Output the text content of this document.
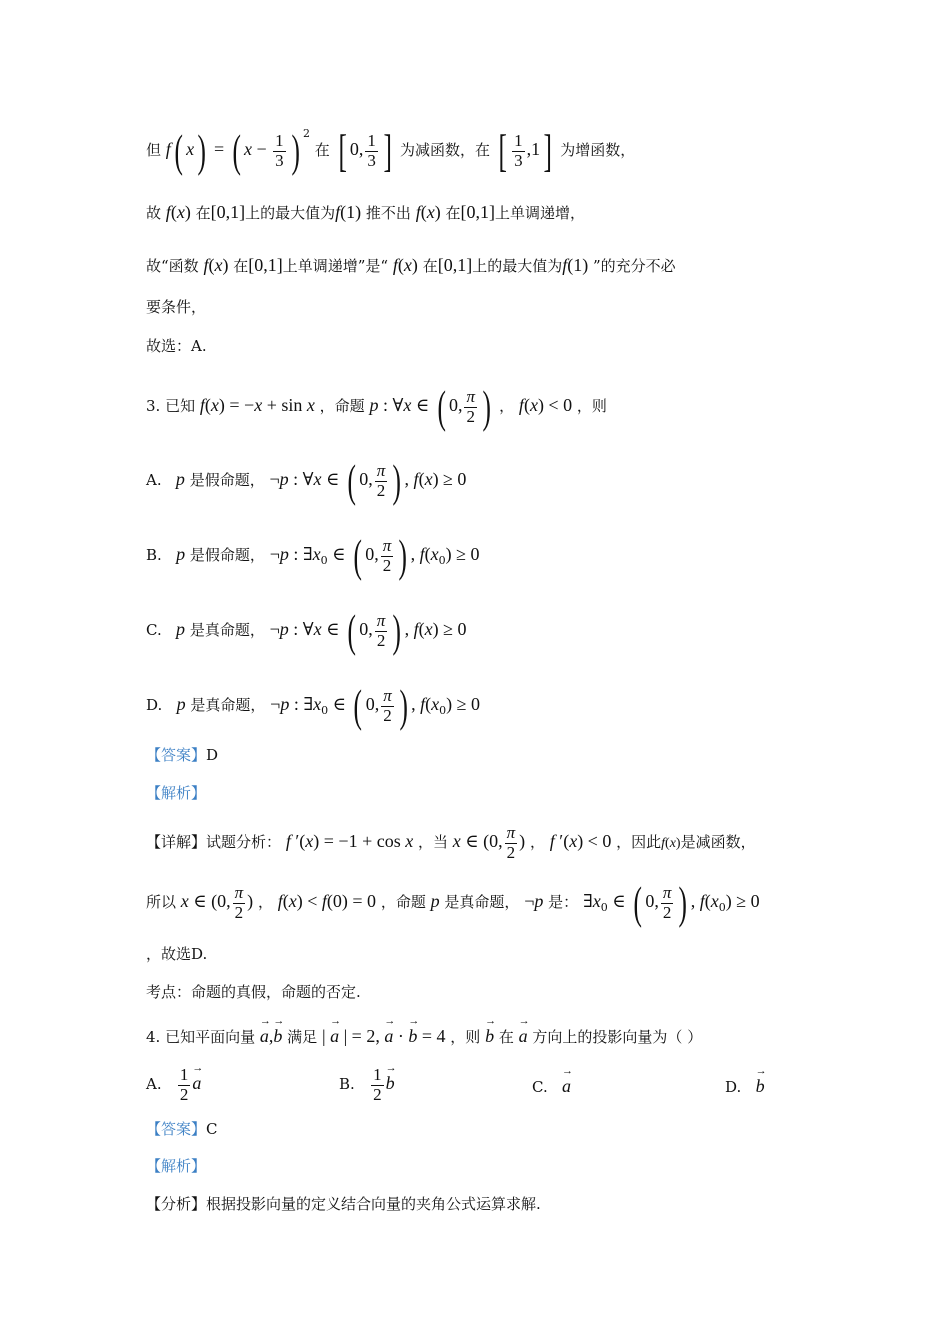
但 f( x) = ( $x - \frac{1}{3}$ ) $^2$ 在 [ 0, $\frac{1}{3}$ ] 为减函数，在 [ $\frac{1}{3} ,1$] 为增函数，
故 f(x) 在[0,1]上的最大值为f(1) 推不出 f(x) 在[0,1]上单调递增，
故“函数 f(x) 在[0,1]上单调递增”是“ f(x) 在[0,1]上的最大值为f(1) ”的充分不必
要条件，
故选：A.
3. 已知 f(x) = −x + sin x ，命题 p : ∀x ∈ ( 0, $\frac{\pi}{2}$ ) ， f(x) < 0 ，则
A. p 是假命题， ¬p : ∀x ∈ ( 0, $\frac{\pi}{2}$ ) , f(x) ≥ 0
B. p 是假命题， ¬p : $\exists x_0$ ∈ ( 0, $\frac{\pi}{2}$ ) , $f(x_0) \ge 0$
C. p 是真命题， ¬p : ∀x ∈ ( 0, $\frac{\pi}{2}$ ) , f(x) ≥ 0
D. p 是真命题， ¬p : $\exists x_0$ ∈ ( 0, $\frac{\pi}{2}$ ) , $f(x_0) \ge 0$
【答案】D
【解析】
【详解】试题分析： f ′(x) = −1 + cos x ，当 x ∈ (0, $\frac{\pi}{2}$ ) ， f ′(x) < 0 ，因此f(x)是减函数，
所以 x ∈ (0, $\frac{\pi}{2}$ ) ， f(x) < f(0) = 0 ，命题 p 是真命题， ¬p 是： $\exists x_0$ ∈ ( 0, $\frac{\pi}{2}$ ) , $f(x_0) \ge 0$
，故选D.
考点：命题的真假，命题的否定.
4. 已知平面向量 → a,→ b 满足 | → a | = 2, → a · → b = 4 ，则 → b 在 → a 方向上的投影向量为（ ）
A. $\frac{1}{2}$
→ a	B. $\frac{1}{2}$
→ b	C.   → a	D.   → b
【答案】C
【解析】
【分析】根据投影向量的定义结合向量的夹角公式运算求解.
